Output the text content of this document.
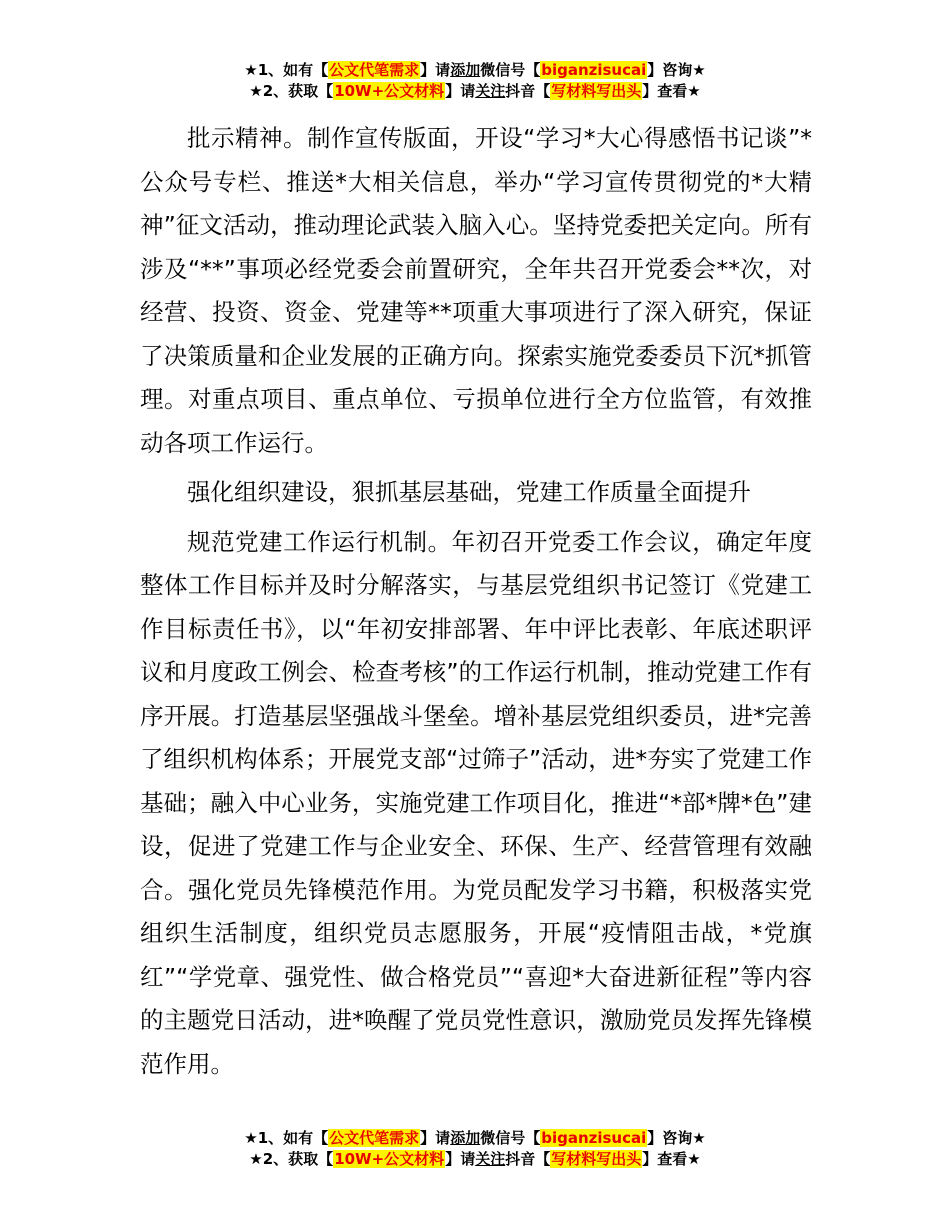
★1、如有【公文代笔需求】请添加微信号【biganzisucai】咨询★
★2、获取【10W+公文材料】请关注抖音【写材料写出头】查看★

批示精神。制作宣传版面，开设“学习*大心得感悟书记谈”*公众号专栏、推送*大相关信息，举办“学习宣传贯彻党的*大精神”征文活动，推动理论武装入脑入心。坚持党委把关定向。所有涉及“**”事项必经党委会前置研究，全年共召开党委会**次，对经营、投资、资金、党建等**项重大事项进行了深入研究，保证了决策质量和企业发展的正确方向。探索实施党委委员下沉*抓管理。对重点项目、重点单位、亏损单位进行全方位监管，有效推动各项工作运行。

强化组织建设，狠抓基层基础，党建工作质量全面提升

规范党建工作运行机制。年初召开党委工作会议，确定年度整体工作目标并及时分解落实，与基层党组织书记签订《党建工作目标责任书》，以“年初安排部署、年中评比表彰、年底述职评议和月度政工例会、检查考核”的工作运行机制，推动党建工作有序开展。打造基层坚强战斗堡垒。增补基层党组织委员，进*完善了组织机构体系；开展党支部“过筛子”活动，进*夯实了党建工作基础；融入中心业务，实施党建工作项目化，推进“*部*牌*色”建设，促进了党建工作与企业安全、环保、生产、经营管理有效融合。强化党员先锋模范作用。为党员配发学习书籍，积极落实党组织生活制度，组织党员志愿服务，开展“疫情阻击战，*党旗红”“学党章、强党性、做合格党员”“喜迎*大奋进新征程”等内容的主题党日活动，进*唤醒了党员党性意识，激励党员发挥先锋模范作用。

★1、如有【公文代笔需求】请添加微信号【biganzisucai】咨询★
★2、获取【10W+公文材料】请关注抖音【写材料写出头】查看★
